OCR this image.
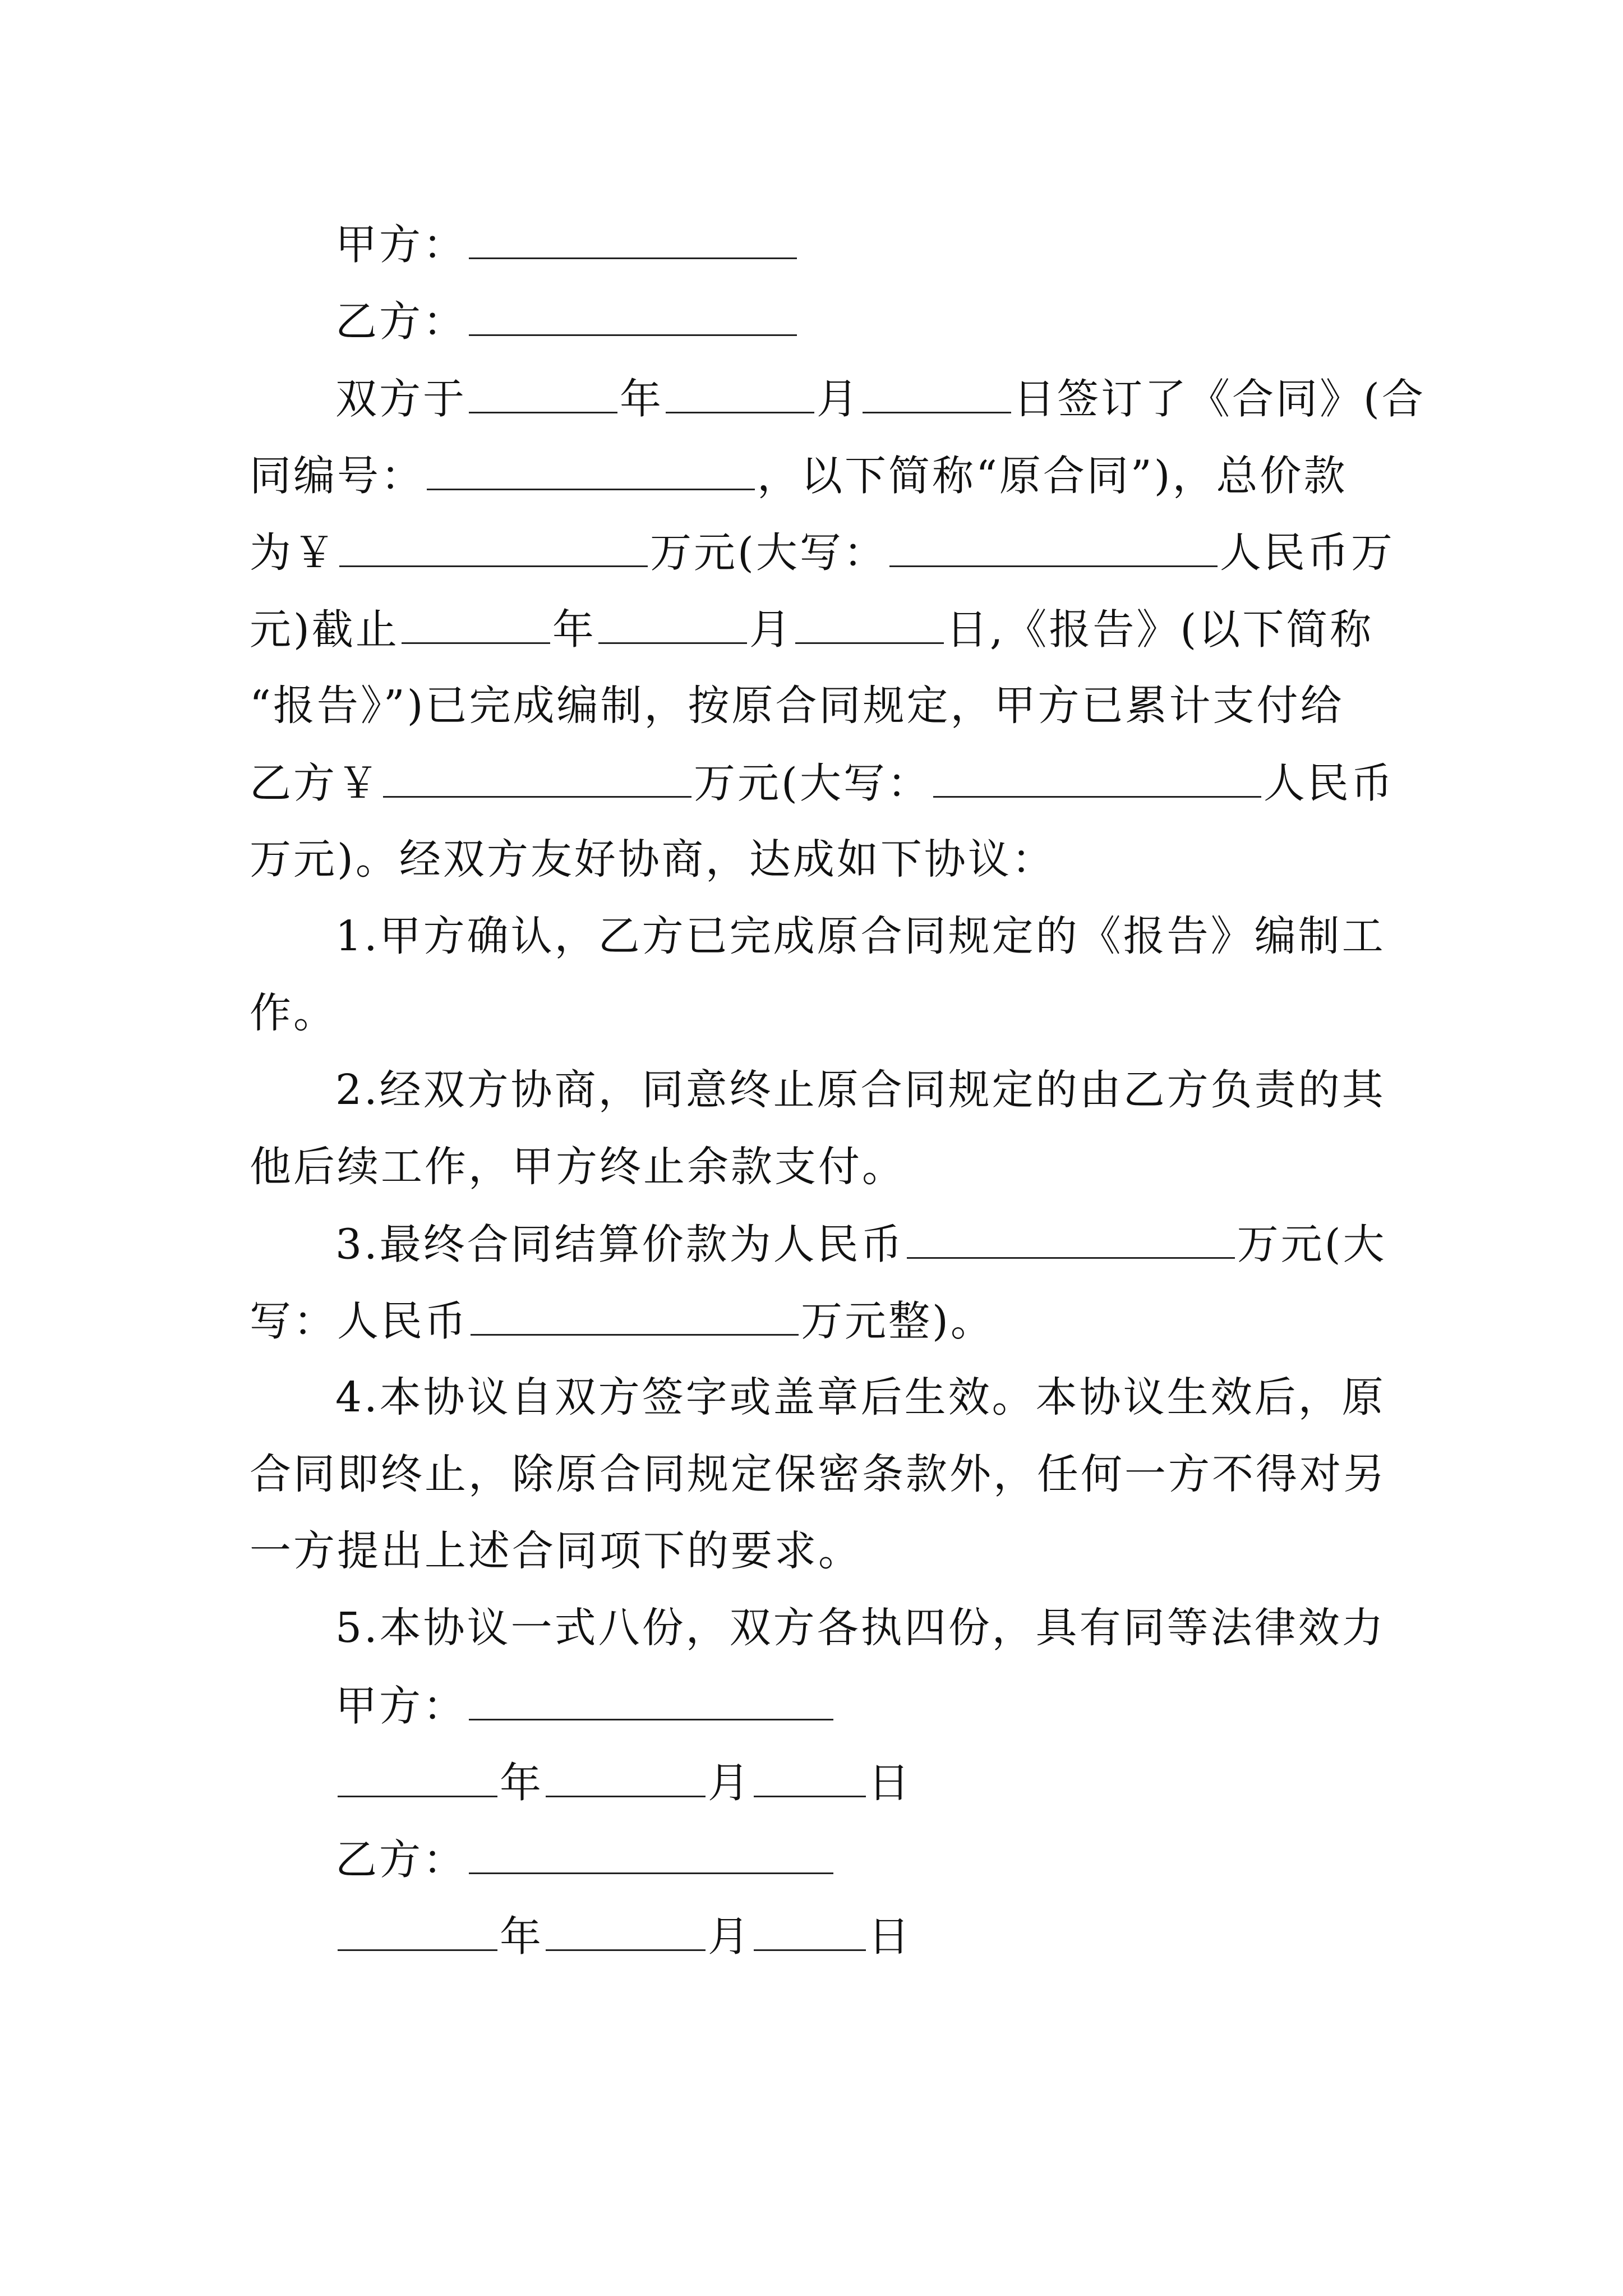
甲方：
乙方：
双方于	年	月	日签订了《合同》(合
同编号：	，以下简称“原合同”)，总价款
为￥	万元(大写：	人民币万
元)截止	年	月	日,《报告》(以下简称
“报告》”)已完成编制，按原合同规定，甲方已累计支付给
乙方￥	万元(大写：	人民币
万元)。经双方友好协商，达成如下协议：
1.甲方确认，乙方已完成原合同规定的《报告》编制工
作。
2.经双方协商，同意终止原合同规定的由乙方负责的其
他后续工作，甲方终止余款支付。
3.最终合同结算价款为人民币	万元(大
写：人民币	万元整)。
4.本协议自双方签字或盖章后生效。本协议生效后，原
合同即终止，除原合同规定保密条款外，任何一方不得对另
一方提出上述合同项下的要求。
5.本协议一式八份，双方各执四份，具有同等法律效力
甲方：
年	月	日
乙方：
年	月	日
